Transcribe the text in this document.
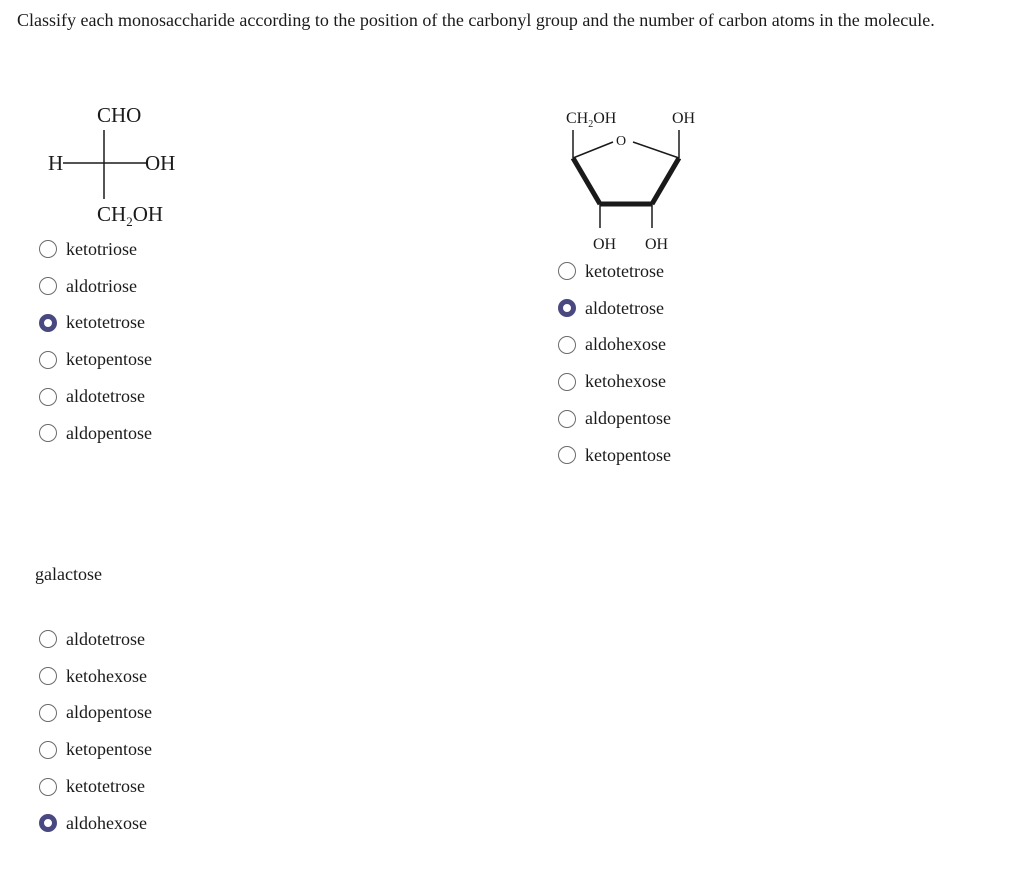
Classify each monosaccharide according to the position of the carbonyl group and the number of carbon atoms in the molecule.
CHO
H	OH
$CH_2OH$
ketotriose
aldotriose
ketotetrose
ketopentose
aldotetrose
aldopentose
$CH_2OH$	OH
O
OH OH
ketotetrose
aldotetrose
aldohexose
ketohexose
aldopentose
ketopentose
galactose
aldotetrose
ketohexose
aldopentose
ketopentose
ketotetrose
aldohexose
